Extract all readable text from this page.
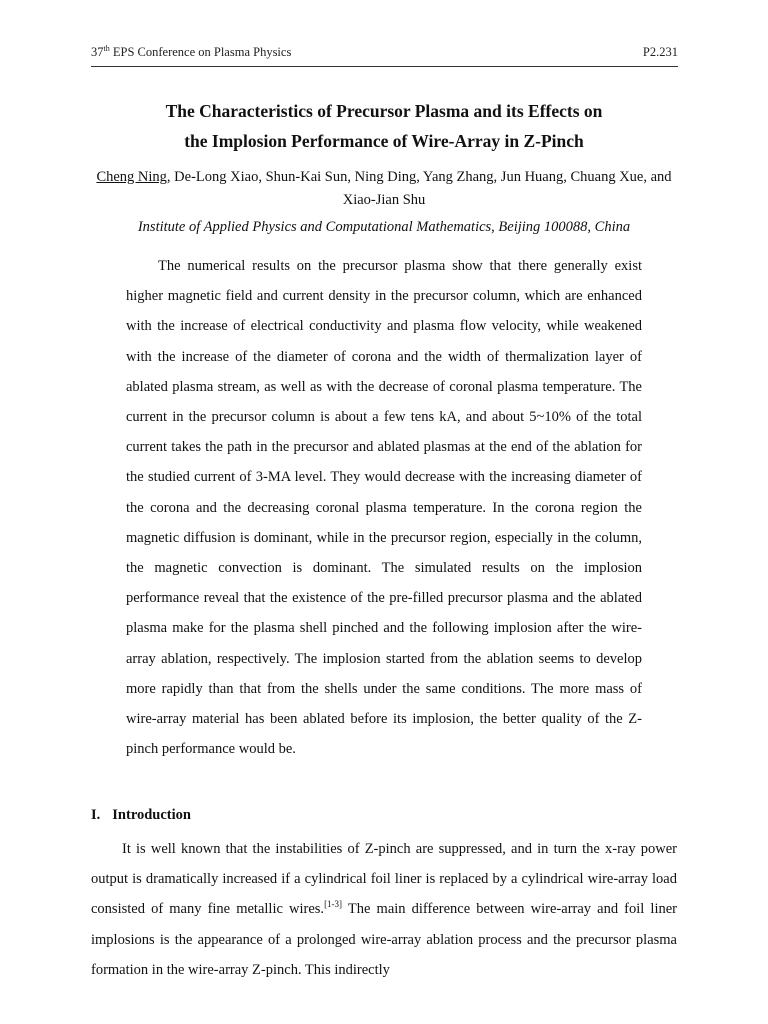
37th EPS Conference on Plasma Physics	P2.231
The Characteristics of Precursor Plasma and its Effects on
the Implosion Performance of Wire-Array in Z-Pinch
Cheng Ning, De-Long Xiao, Shun-Kai Sun, Ning Ding, Yang Zhang, Jun Huang, Chuang Xue, and Xiao-Jian Shu
Institute of Applied Physics and Computational Mathematics, Beijing 100088, China

The numerical results on the precursor plasma show that there generally exist higher magnetic field and current density in the precursor column, which are enhanced with the increase of electrical conductivity and plasma flow velocity, while weakened with the increase of the diameter of corona and the width of thermalization layer of ablated plasma stream, as well as with the decrease of coronal plasma temperature. The current in the precursor column is about a few tens kA, and about 5~10% of the total current takes the path in the precursor and ablated plasmas at the end of the ablation for the studied current of 3-MA level. They would decrease with the increasing diameter of the corona and the decreasing coronal plasma temperature. In the corona region the magnetic diffusion is dominant, while in the precursor region, especially in the column, the magnetic convection is dominant. The simulated results on the implosion performance reveal that the existence of the pre-filled precursor plasma and the ablated plasma make for the plasma shell pinched and the following implosion after the wire-array ablation, respectively. The implosion started from the ablation seems to develop more rapidly than that from the shells under the same conditions. The more mass of wire-array material has been ablated before its implosion, the better quality of the Z-pinch performance would be.

I. Introduction

It is well known that the instabilities of Z-pinch are suppressed, and in turn the x-ray power output is dramatically increased if a cylindrical foil liner is replaced by a cylindrical wire-array load consisted of many fine metallic wires.[1-3] The main difference between wire-array and foil liner implosions is the appearance of a prolonged wire-array ablation process and the precursor plasma formation in the wire-array Z-pinch. This indirectly
